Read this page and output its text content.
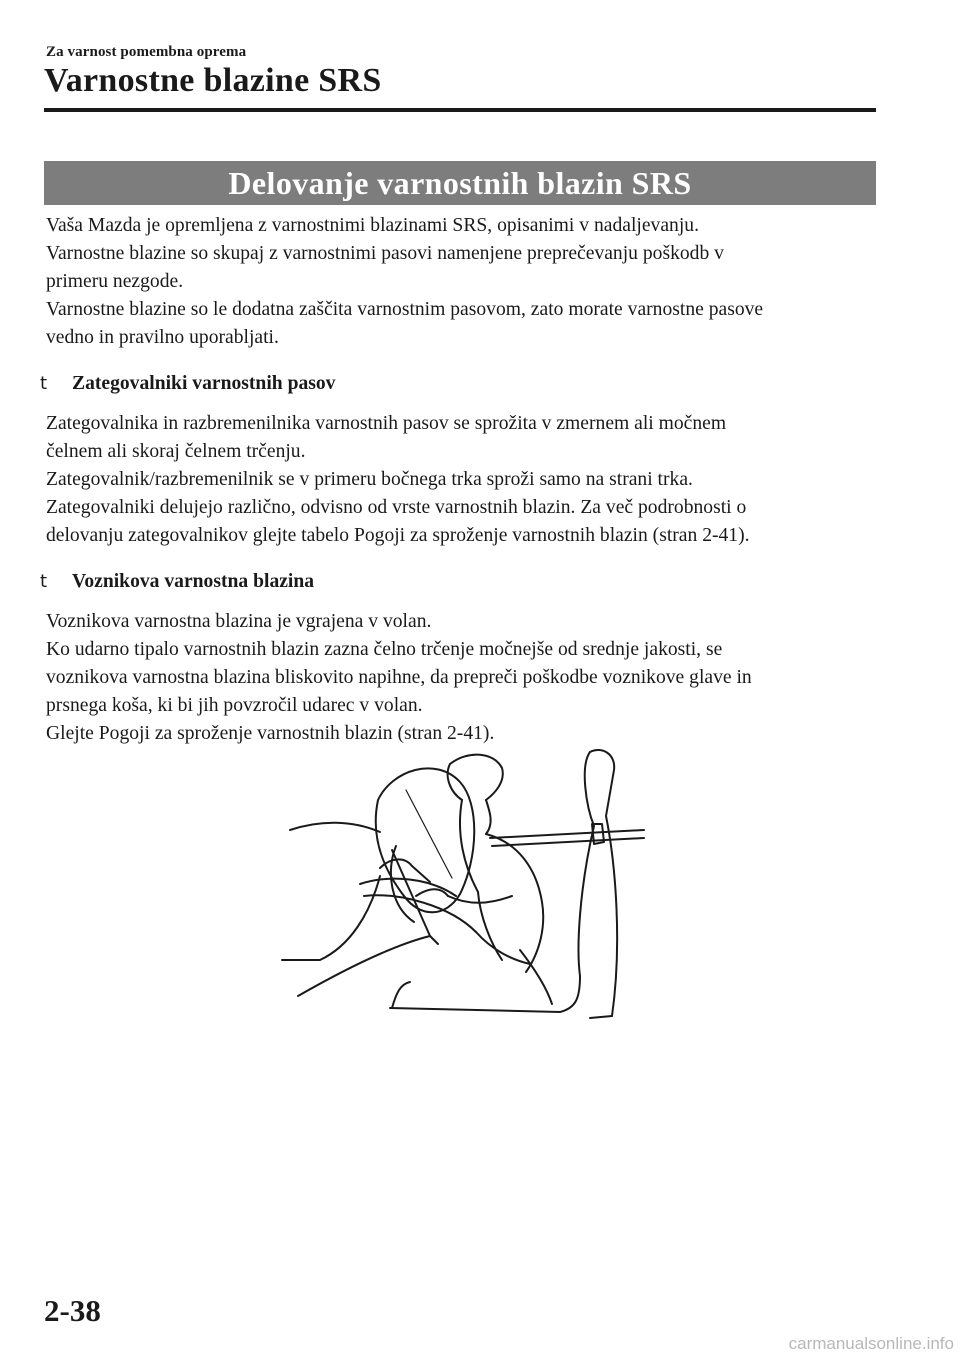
Za varnost pomembna oprema
Varnostne blazine SRS
Delovanje varnostnih blazin SRS

Vaša Mazda je opremljena z varnostnimi blazinami SRS, opisanimi v nadaljevanju.

Varnostne blazine so skupaj z varnostnimi pasovi namenjene preprečevanju poškodb v

primeru nezgode.

Varnostne blazine so le dodatna zaščita varnostnim pasovom, zato morate varnostne pasove

vedno in pravilno uporabljati.

t Zategovalniki varnostnih pasov

Zategovalnika in razbremenilnika varnostnih pasov se sprožita v zmernem ali močnem

čelnem ali skoraj čelnem trčenju.

Zategovalnik/razbremenilnik se v primeru bočnega trka sproži samo na strani trka.

Zategovalniki delujejo različno, odvisno od vrste varnostnih blazin. Za več podrobnosti o

delovanju zategovalnikov glejte tabelo Pogoji za sproženje varnostnih blazin (stran 2-41).

t Voznikova varnostna blazina

Voznikova varnostna blazina je vgrajena v volan.

Ko udarno tipalo varnostnih blazin zazna čelno trčenje močnejše od srednje jakosti, se

voznikova varnostna blazina bliskovito napihne, da prepreči poškodbe voznikove glave in

prsnega koša, ki bi jih povzročil udarec v volan.

Glejte Pogoji za sproženje varnostnih blazin (stran 2-41).

2-38
carmanualsonline.info
